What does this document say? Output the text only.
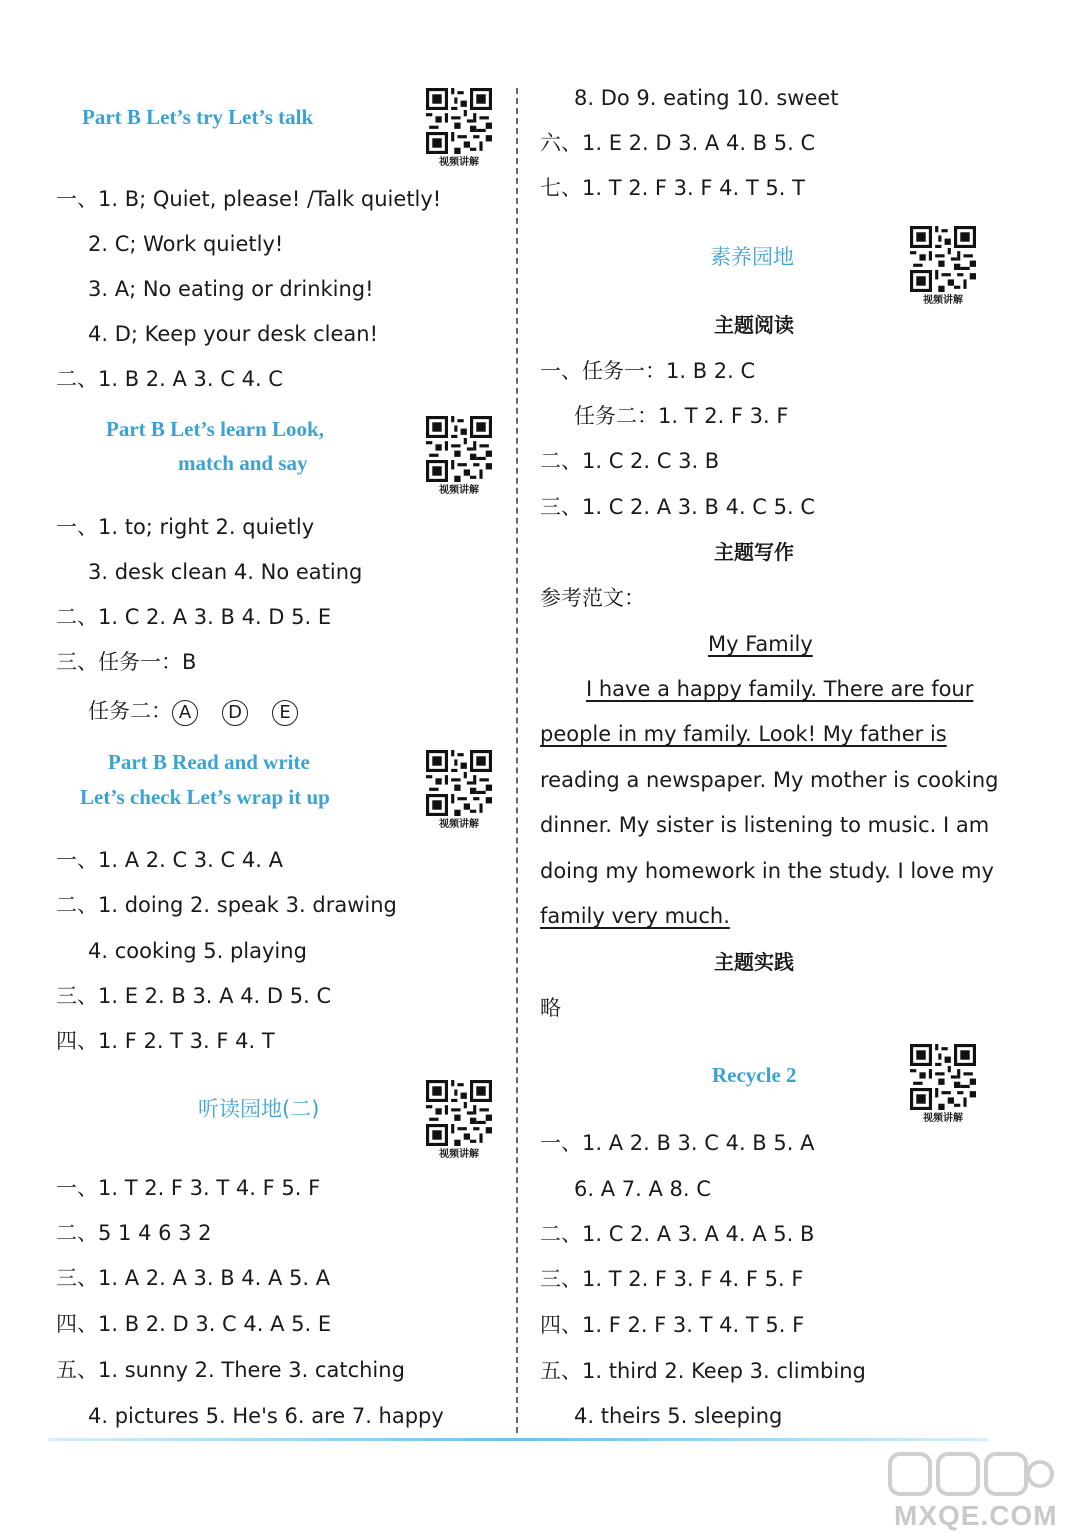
Part B Let’s try Let’s talk
视频讲解
一、1. B; Quiet, please! /Talk quietly!
2. C; Work quietly!
3. A; No eating or drinking!
4. D; Keep your desk clean!
二、1. B 2. A 3. C 4. C
Part B Let’s learn Look,
match and say
视频讲解
一、1. to; right 2. quietly
3. desk clean 4. No eating
二、1. C 2. A 3. B 4. D 5. E
三、任务一：B
任务二： A D E
Part B Read and write
Let’s check Let’s wrap it up
视频讲解
一、1. A 2. C 3. C 4. A
二、1. doing 2. speak 3. drawing
4. cooking 5. playing
三、1. E 2. B 3. A 4. D 5. C
四、1. F 2. T 3. F 4. T
听读园地(二)
视频讲解
一、1. T 2. F 3. T 4. F 5. F
二、5 1 4 6 3 2
三、1. A 2. A 3. B 4. A 5. A
四、1. B 2. D 3. C 4. A 5. E
五、1. sunny 2. There 3. catching
4. pictures 5. He's 6. are 7. happy
8. Do 9. eating 10. sweet
六、1. E 2. D 3. A 4. B 5. C
七、1. T 2. F 3. F 4. T 5. T
素养园地
视频讲解
主题阅读
一、任务一：1. B 2. C
任务二：1. T 2. F 3. F
二、1. C 2. C 3. B
三、1. C 2. A 3. B 4. C 5. C
主题写作
参考范文：
My Family
I have a happy family. There are four
people in my family. Look! My father is
reading a newspaper. My mother is cooking
dinner. My sister is listening to music. I am
doing my homework in the study. I love my
family very much.
主题实践
略
Recycle 2
视频讲解
一、1. A 2. B 3. C 4. B 5. A
6. A 7. A 8. C
二、1. C 2. A 3. A 4. A 5. B
三、1. T 2. F 3. F 4. F 5. F
四、1. F 2. F 3. T 4. T 5. F
五、1. third 2. Keep 3. climbing
4. theirs 5. sleeping
MXQE.COM
